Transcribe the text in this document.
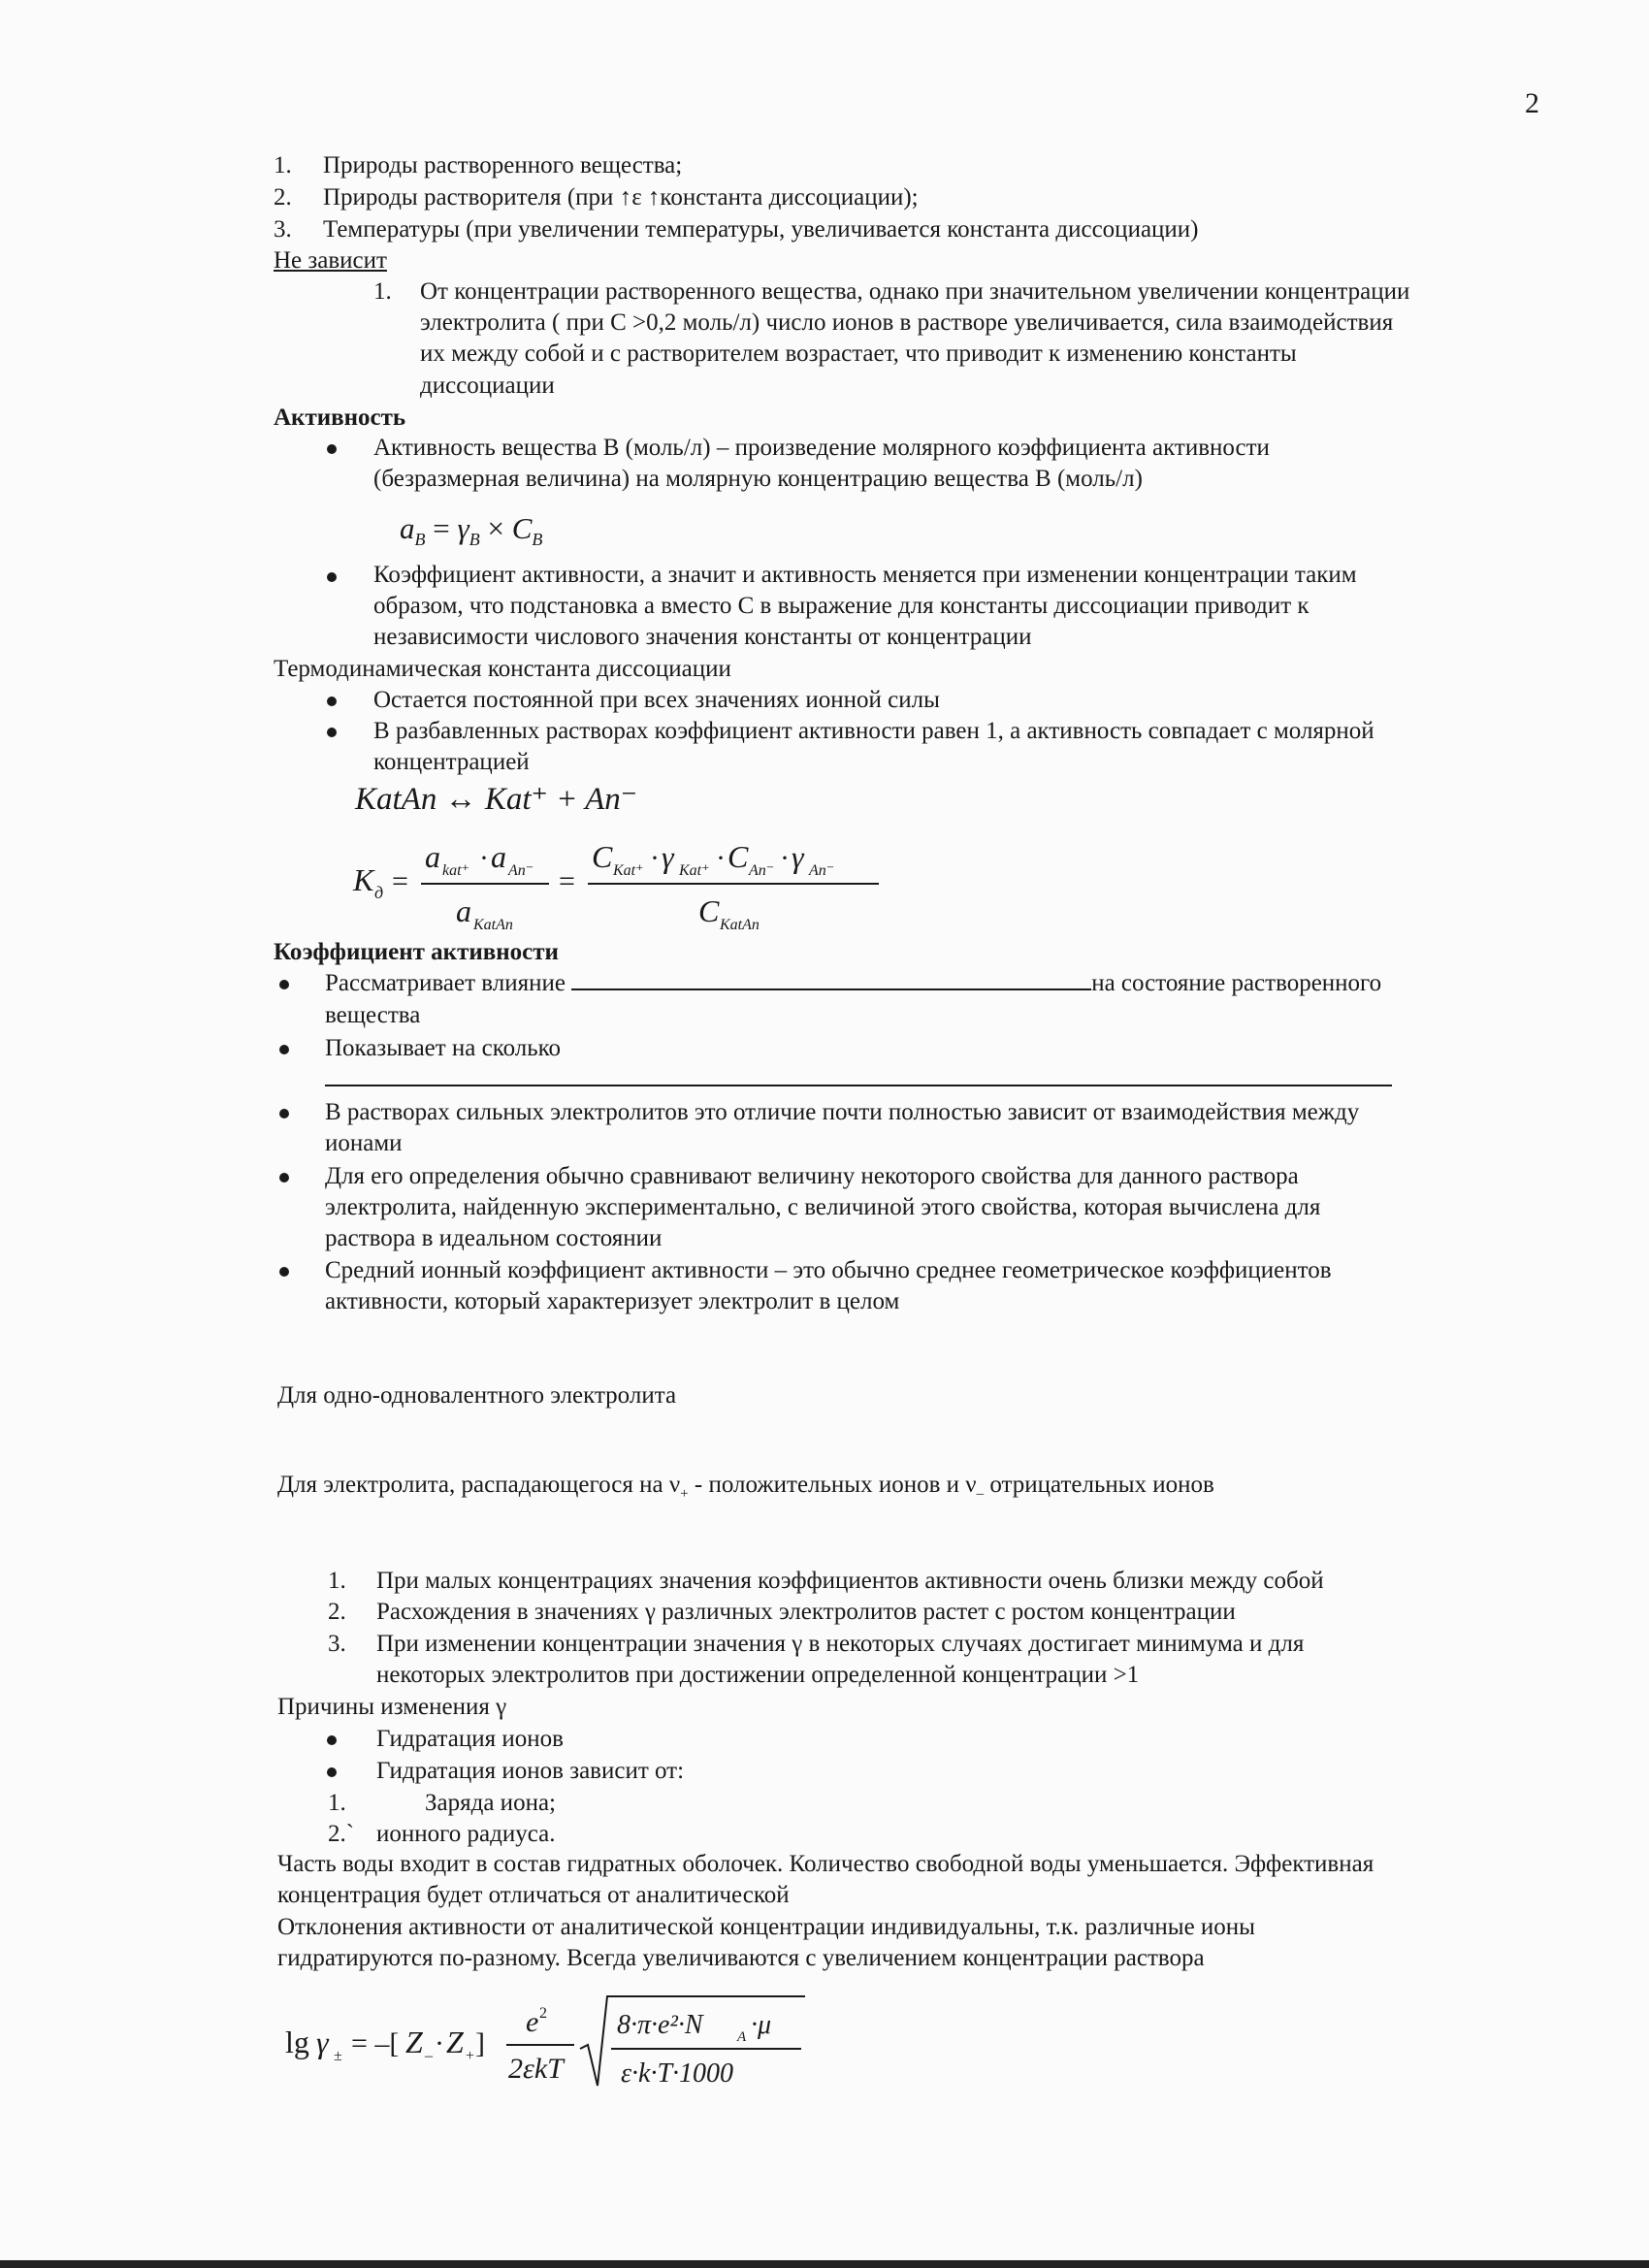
2
1. Природы растворенного вещества;
2. Природы растворителя (при ↑ε ↑константа диссоциации);
3. Температуры (при увеличении температуры, увеличивается константа диссоциации)
Не зависит
1. От концентрации растворенного вещества, однако при значительном увеличении концентрации
электролита ( при С >0,2 моль/л) число ионов в растворе увеличивается, сила взаимодействия
их между собой и с растворителем возрастает, что приводит к изменению константы
диссоциации
Активность
Активность вещества В (моль/л) – произведение молярного коэффициента активности
(безразмерная величина) на молярную концентрацию вещества В (моль/л)
$a_B = \gamma_B \times C_B$
Коэффициент активности, а значит и активность меняется при изменении концентрации таким
образом, что подстановка а вместо С в выражение для константы диссоциации приводит к
независимости числового значения константы от концентрации
Термодинамическая константа диссоциации
Остается постоянной при всех значениях ионной силы
В разбавленных растворах коэффициент активности равен 1, а активность совпадает с молярной
концентрацией
KatAn ↔ Kat⁺ + An⁻
K д =
a kat⁺ · a An⁻
a KatAn
=
C Kat⁺ · γ Kat⁺ · C An⁻ · γ An⁻
C KatAn
Коэффициент активности
Рассматривает влияние	на состояние растворенного
вещества
Показывает на сколько
В растворах сильных электролитов это отличие почти полностью зависит от взаимодействия между
ионами
Для его определения обычно сравнивают величину некоторого свойства для данного раствора
электролита, найденную экспериментально, с величиной этого свойства, которая вычислена для
раствора в идеальном состоянии
Средний ионный коэффициент активности – это обычно среднее геометрическое коэффициентов
активности, который характеризует электролит в целом
Для одно-одновалентного электролита
Для электролита, распадающегося на $\nu_+$ - положительных ионов и $\nu_-$ отрицательных ионов
1. При малых концентрациях значения коэффициентов активности очень близки между собой
2. Расхождения в значениях γ различных электролитов растет с ростом концентрации
3. При изменении концентрации значения γ в некоторых случаях достигает минимума и для
некоторых электролитов при достижении определенной концентрации >1
Причины изменения γ
Гидратация ионов
Гидратация ионов зависит от:
1.	Заряда иона;
2.` ионного радиуса.
Часть воды входит в состав гидратных оболочек. Количество свободной воды уменьшается. Эффективная
концентрация будет отличаться от аналитической
Отклонения активности от аналитической концентрации индивидуальны, т.к. различные ионы
гидратируются по-разному. Всегда увеличиваются с увеличением концентрации раствора
lg γ ± = –[ Z – · Z + ]
e 2
2εkT
8·π·e²·N A ·μ
ε·k·T·1000
